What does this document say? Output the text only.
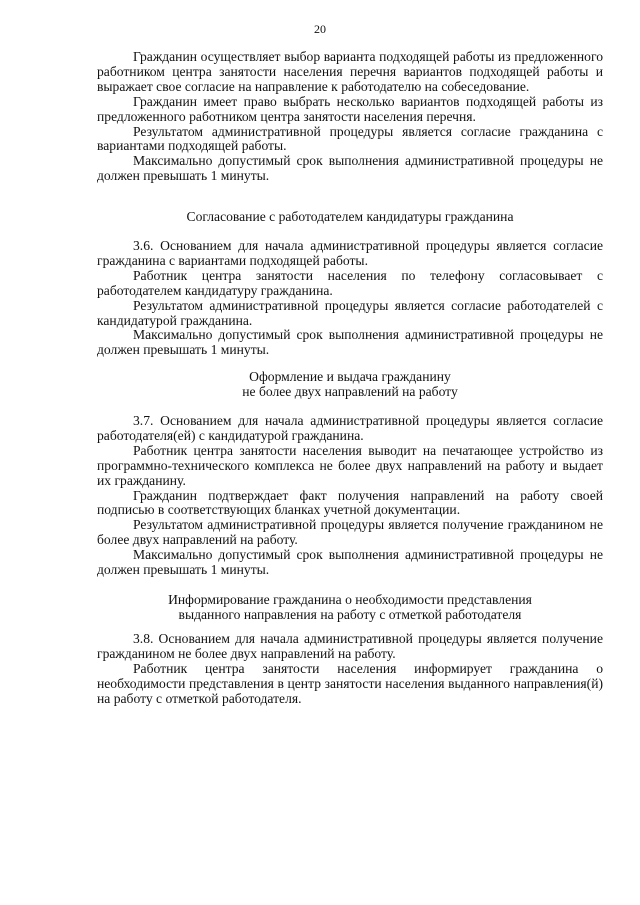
20

Гражданин осуществляет выбор варианта подходящей работы из предложенного работником центра занятости населения перечня вариантов подходящей работы и выражает свое согласие на направление к работодателю на собеседование.

Гражданин имеет право выбрать несколько вариантов подходящей работы из предложенного работником центра занятости населения перечня.

Результатом административной процедуры является согласие гражданина с вариантами подходящей работы.

Максимально допустимый срок выполнения административной процедуры не должен превышать 1 минуты.

Согласование с работодателем кандидатуры гражданина

3.6. Основанием для начала административной процедуры является согласие гражданина с вариантами подходящей работы.

Работник центра занятости населения по телефону согласовывает с работодателем кандидатуру гражданина.

Результатом административной процедуры является согласие работодателей с кандидатурой гражданина.

Максимально допустимый срок выполнения административной процедуры не должен превышать 1 минуты.

Оформление и выдача гражданину
не более двух направлений на работу

3.7. Основанием для начала административной процедуры является согласие работодателя(ей) с кандидатурой гражданина.

Работник центра занятости населения выводит на печатающее устройство из программно-технического комплекса не более двух направлений на работу и выдает их гражданину.

Гражданин подтверждает факт получения направлений на работу своей подписью в соответствующих бланках учетной документации.

Результатом административной процедуры является получение гражданином не более двух направлений на работу.

Максимально допустимый срок выполнения административной процедуры не должен превышать 1 минуты.

Информирование гражданина о необходимости представления
выданного направления на работу с отметкой работодателя

3.8. Основанием для начала административной процедуры является получение гражданином не более двух направлений на работу.

Работник центра занятости населения информирует гражданина о необходимости представления в центр занятости населения выданного направления(й) на работу с отметкой работодателя.
